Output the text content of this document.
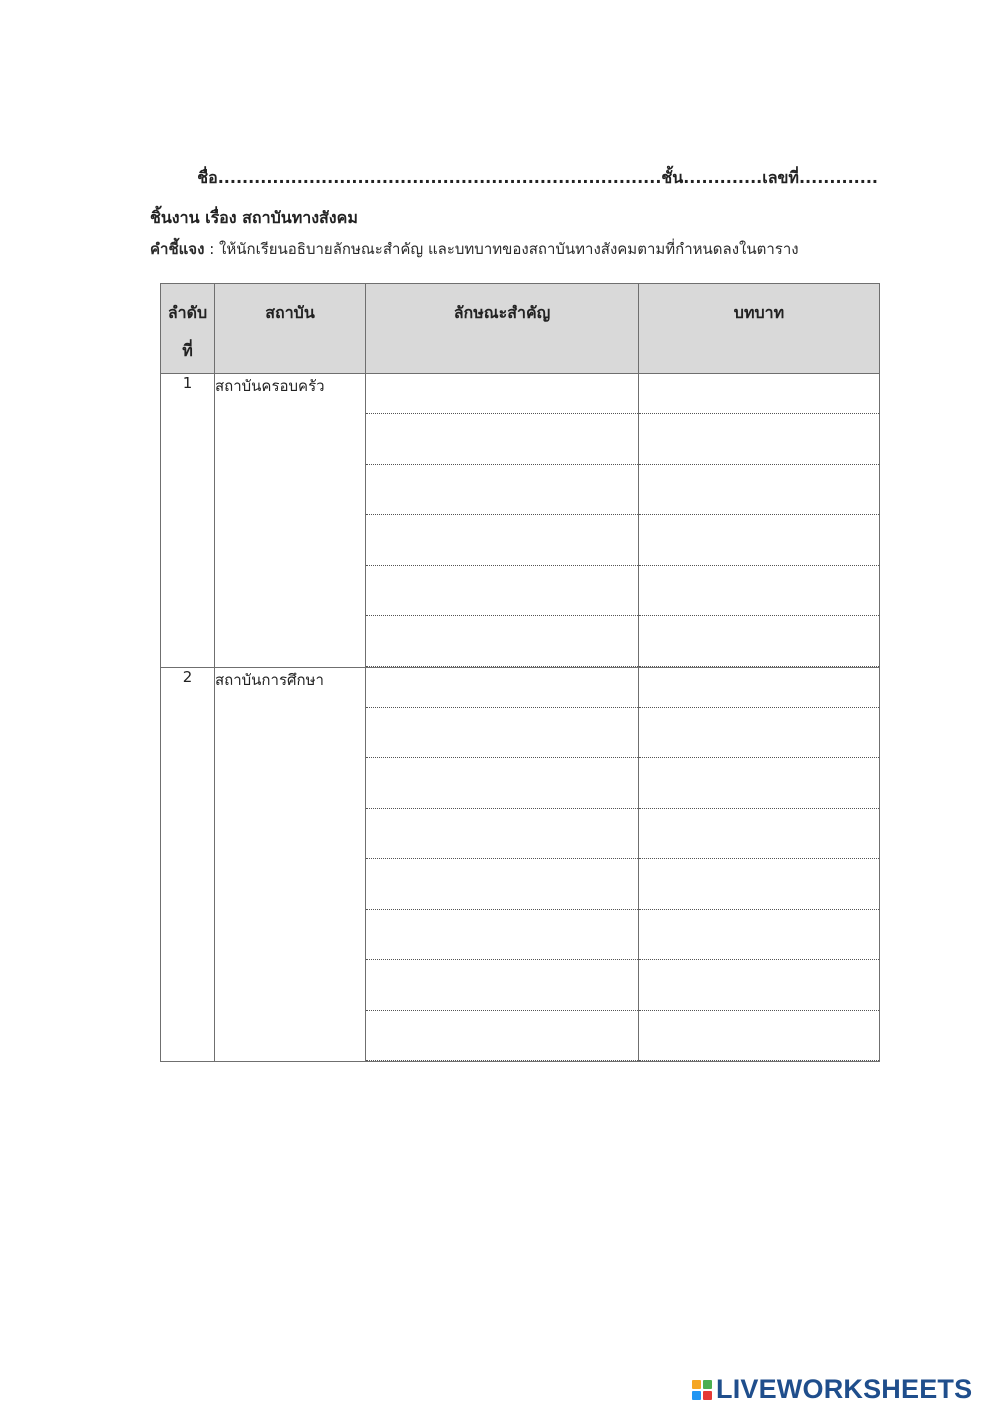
ชื่อ.........................................................................ชั้น.............เลขที่.............
ชิ้นงาน เรื่อง สถาบันทางสังคม
คำชี้แจง : ให้นักเรียนอธิบายลักษณะสำคัญ และบทบาทของสถาบันทางสังคมตามที่กำหนดลงในตาราง
ลำดับ
ที่	สถาบัน	ลักษณะสำคัญ	บทบาท
1	สถาบันครอบครัว	

2	สถาบันการศึกษา	

LIVEWORKSHEETS
